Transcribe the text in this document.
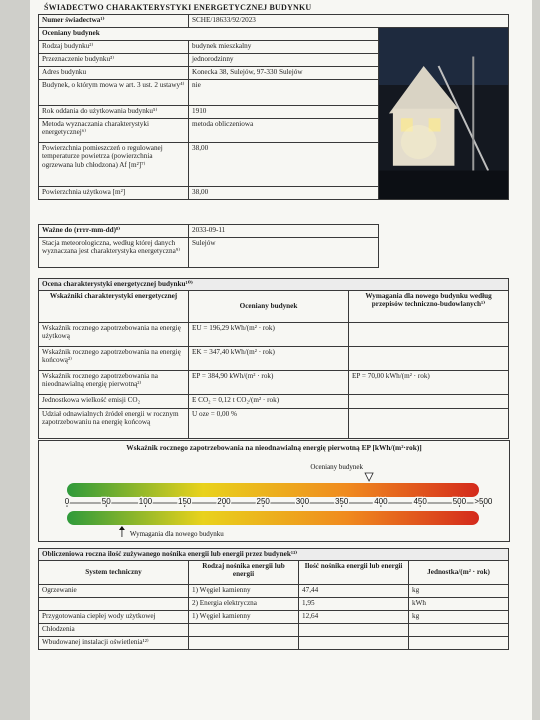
ŚWIADECTWO CHARAKTERYSTYKI ENERGETYCZNEJ BUDYNKU
Numer świadectwa¹⁾	SCHE/18633/92/2023	
Oceniany budynek	

Rodzaj budynku²⁾	budynek mieszkalny	
Przeznaczenie budynku³⁾	jednorodzinny	
Adres budynku	Konecka 38, Sulejów, 97-330 Sulejów	
Budynek, o którym mowa w art. 3 ust. 2 ustawy⁴⁾	nie	
Rok oddania do użytkowania budynku⁵⁾	1910	
Metoda wyznaczania charakterystyki energetycznej⁶⁾	metoda obliczeniowa	
Powierzchnia pomieszczeń o regulowanej temperaturze powietrza (powierzchnia ogrzewana lub chłodzona) Af [m²]⁷⁾	38,00	
Powierzchnia użytkowa [m²]	38,00	
Ważne do (rrrr-mm-dd)⁸⁾	2033-09-11	
Stacja meteorologiczna, według której danych wyznaczana jest charakterystyka energetyczna⁹⁾	Sulejów	
Ocena charakterystyki energetycznej budynku¹⁰⁾		
Wskaźniki charakterystyki energetycznej	Oceniany budynek	Wymagania dla nowego budynku według przepisów techniczno-budowlanych¹⁾
Wskaźnik rocznego zapotrzebowania na energię użytkową	EU = 196,29 kWh/(m² · rok)	
Wskaźnik rocznego zapotrzebowania na energię końcową²⁾	EK = 347,40 kWh/(m² · rok)	
Wskaźnik rocznego zapotrzebowania na nieodnawialną energię pierwotną²⁾	EP = 384,90 kWh/(m² · rok)	EP = 70,00 kWh/(m² · rok)
Jednostkowa wielkość emisji CO₂	E CO₂ = 0,12 t CO₂/(m² · rok)	
Udział odnawialnych źródeł energii w rocznym zapotrzebowaniu na energię końcową	U oze = 0,00 %	
Wskaźnik rocznego zapotrzebowania na nieodnawialną energię pierwotną EP [kWh/(m²·rok)]
0	50	100	150	200	250	300	350	400	450	500 >500
Oceniany budynek
Wymagania dla nowego budynku
Obliczeniowa roczna ilość zużywanego nośnika energii lub energii przez budynek¹³⁾			
System techniczny	Rodzaj nośnika energii lub energii	Ilość nośnika energii lub energii	Jednostka/(m² · rok)
Ogrzewanie	1) Węgiel kamienny	47,44	kg
	2) Energia elektryczna	1,95	kWh
Przygotowania ciepłej wody użytkowej	1) Węgiel kamienny	12,64	kg
Chłodzenia			
Wbudowanej instalacji oświetlenia¹²⁾			
